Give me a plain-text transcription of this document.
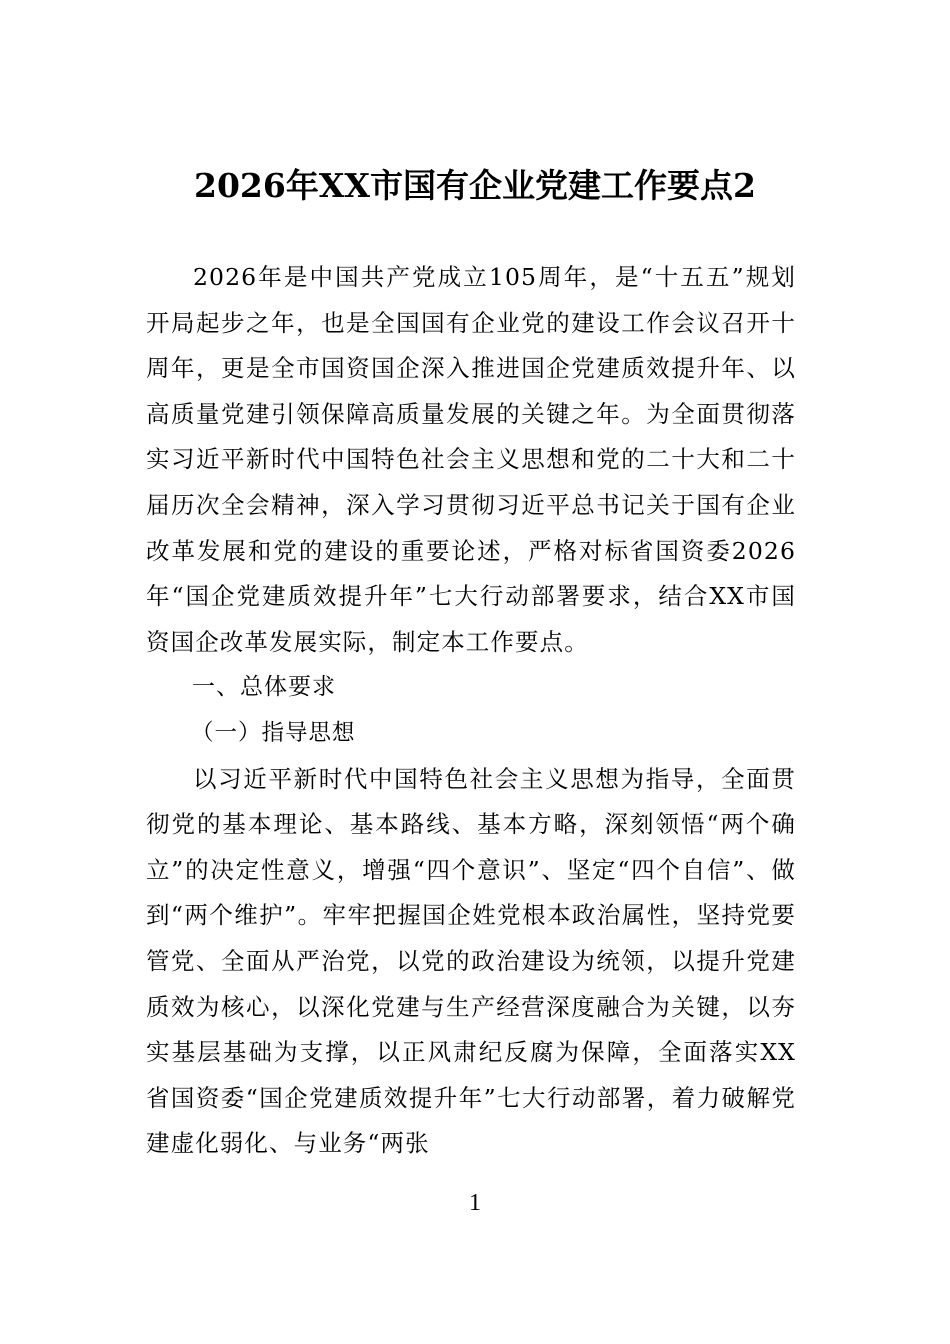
2026年XX市国有企业党建工作要点2

2026年是中国共产党成立105周年，是“十五五”规划开局起步之年，也是全国国有企业党的建设工作会议召开十周年，更是全市国资国企深入推进国企党建质效提升年、以高质量党建引领保障高质量发展的关键之年。为全面贯彻落实习近平新时代中国特色社会主义思想和党的二十大和二十届历次全会精神，深入学习贯彻习近平总书记关于国有企业改革发展和党的建设的重要论述，严格对标省国资委2026年“国企党建质效提升年”七大行动部署要求，结合XX市国资国企改革发展实际，制定本工作要点。

一、总体要求

（一）指导思想

以习近平新时代中国特色社会主义思想为指导，全面贯彻党的基本理论、基本路线、基本方略，深刻领悟“两个确立”的决定性意义，增强“四个意识”、坚定“四个自信”、做到“两个维护”。牢牢把握国企姓党根本政治属性，坚持党要管党、全面从严治党，以党的政治建设为统领，以提升党建质效为核心，以深化党建与生产经营深度融合为关键，以夯实基层基础为支撑，以正风肃纪反腐为保障，全面落实XX省国资委“国企党建质效提升年”七大行动部署，着力破解党建虚化弱化、与业务“两张

1
